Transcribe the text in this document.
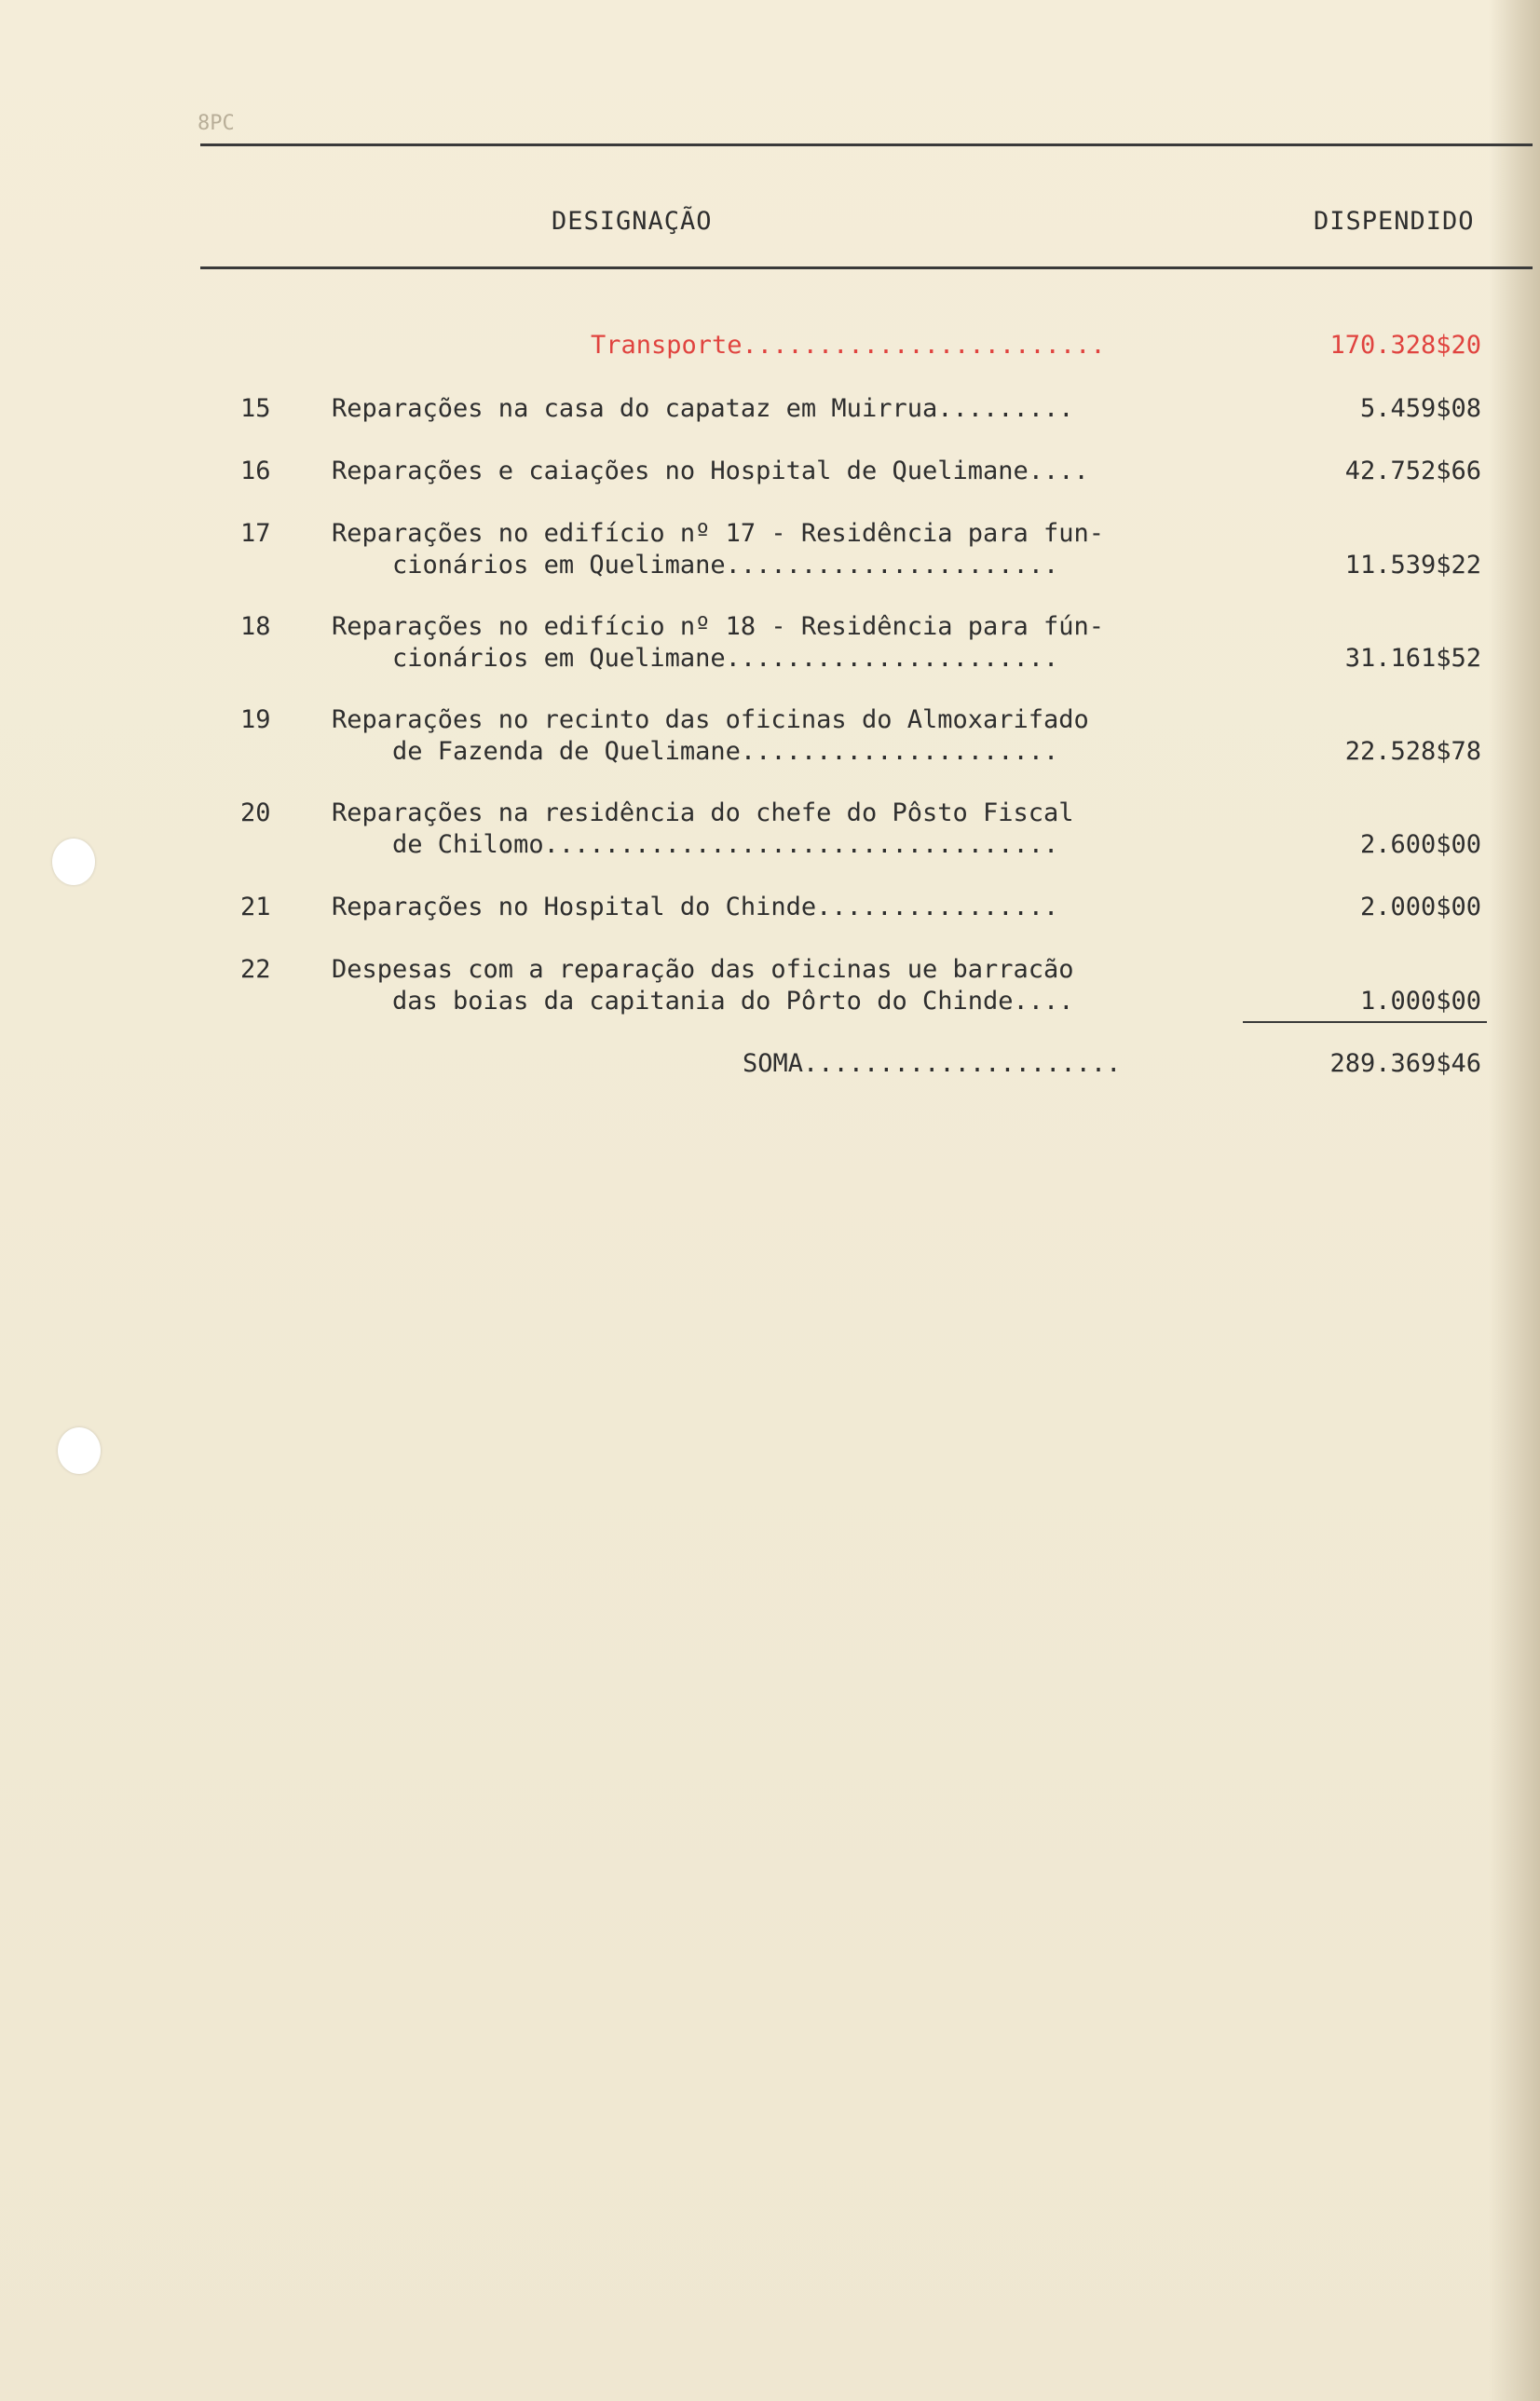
8PC
DESIGNAÇÃO	DISPENDIDO
Transporte........................	170.328$20
15 Reparações na casa do capataz em Muirrua.........	5.459$08
16 Reparações e caiações no Hospital de Quelimane....	42.752$66
17 Reparações no edifício nº 17 - Residência para fun-
cionários em Quelimane......................	11.539$22
18 Reparações no edifício nº 18 - Residência para fún-
cionários em Quelimane......................	31.161$52
19 Reparações no recinto das oficinas do Almoxarifado
de Fazenda de Quelimane.....................	22.528$78
20 Reparações na residência do chefe do Pôsto Fiscal
de Chilomo..................................	2.600$00
21 Reparações no Hospital do Chinde................	2.000$00
22 Despesas com a reparação das oficinas ue barracão
das boias da capitania do Pôrto do Chinde....	1.000$00
SOMA.....................	289.369$46
